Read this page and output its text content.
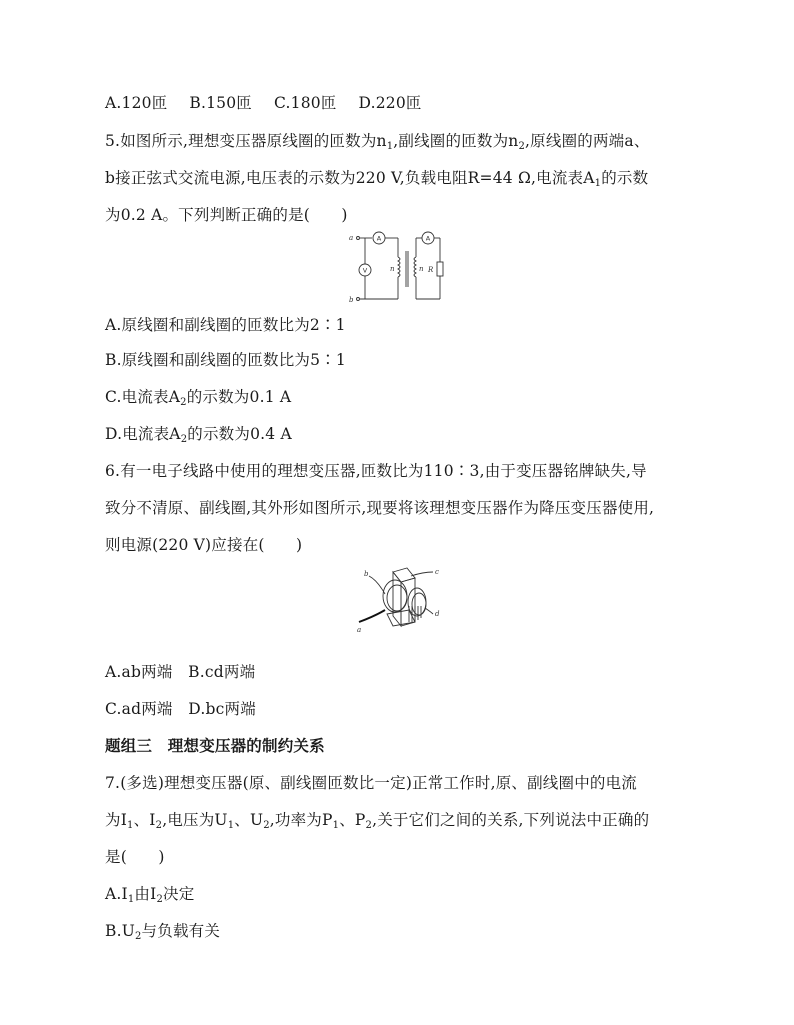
A.120匝 B.150匝 C.180匝 D.220匝
5.如图所示,理想变压器原线圈的匝数为$n_1$,副线圈的匝数为$n_2$,原线圈的两端a、
b接正弦式交流电源,电压表的示数为220 V,负载电阻R=44 Ω,电流表$A_1$的示数
为0.2 A。下列判断正确的是(　　)
a
b
n	n R
A	A
V
A.原线圈和副线圈的匝数比为2∶1
B.原线圈和副线圈的匝数比为5∶1
C.电流表$A_2$的示数为0.1 A
D.电流表$A_2$的示数为0.4 A
6.有一电子线路中使用的理想变压器,匝数比为110∶3,由于变压器铭牌缺失,导
致分不清原、副线圈,其外形如图所示,现要将该理想变压器作为降压变压器使用,
则电源(220 V)应接在(　　)
b	c
d
a
A.ab两端　B.cd两端
C.ad两端　D.bc两端
题组三　理想变压器的制约关系
7.(多选)理想变压器(原、副线圈匝数比一定)正常工作时,原、副线圈中的电流
为$I_1$、$I_2$,电压为$U_1$、$U_2$,功率为$P_1$、$P_2$,关于它们之间的关系,下列说法中正确的
是(　　)
$A.I_1$由$I_2$决定
$B.U_2$与负载有关
